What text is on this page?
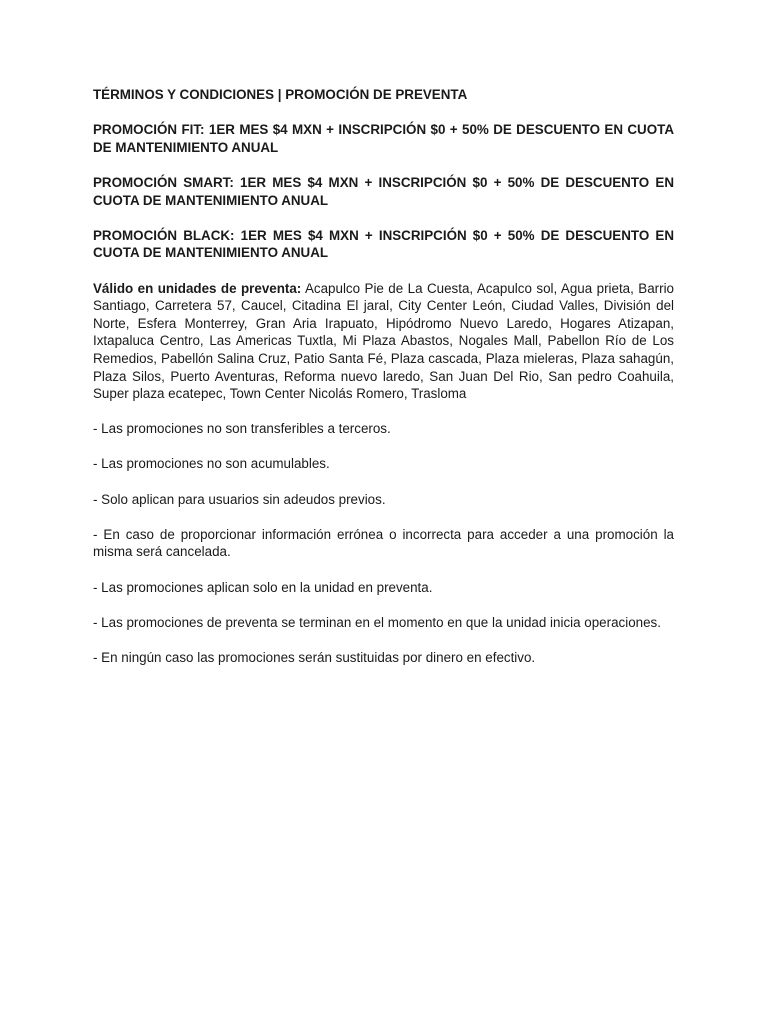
TÉRMINOS Y CONDICIONES | PROMOCIÓN DE PREVENTA

PROMOCIÓN FIT: 1ER MES $4 MXN + INSCRIPCIÓN $0 + 50% DE DESCUENTO EN CUOTA DE MANTENIMIENTO ANUAL

PROMOCIÓN SMART: 1ER MES $4 MXN + INSCRIPCIÓN $0 + 50% DE DESCUENTO EN CUOTA DE MANTENIMIENTO ANUAL

PROMOCIÓN BLACK: 1ER MES $4 MXN + INSCRIPCIÓN $0 + 50% DE DESCUENTO EN CUOTA DE MANTENIMIENTO ANUAL

Válido en unidades de preventa: Acapulco Pie de La Cuesta, Acapulco sol, Agua prieta, Barrio Santiago, Carretera 57, Caucel, Citadina El jaral, City Center León, Ciudad Valles, División del Norte, Esfera Monterrey, Gran Aria Irapuato, Hipódromo Nuevo Laredo, Hogares Atizapan, Ixtapaluca Centro, Las Americas Tuxtla, Mi Plaza Abastos, Nogales Mall, Pabellon Río de Los Remedios, Pabellón Salina Cruz, Patio Santa Fé, Plaza cascada, Plaza mieleras, Plaza sahagún, Plaza Silos, Puerto Aventuras, Reforma nuevo laredo, San Juan Del Rio, San pedro Coahuila, Super plaza ecatepec, Town Center Nicolás Romero, Trasloma

- Las promociones no son transferibles a terceros.

- Las promociones no son acumulables.

- Solo aplican para usuarios sin adeudos previos.

- En caso de proporcionar información errónea o incorrecta para acceder a una promoción la misma será cancelada.

- Las promociones aplican solo en la unidad en preventa.

- Las promociones de preventa se terminan en el momento en que la unidad inicia operaciones.

- En ningún caso las promociones serán sustituidas por dinero en efectivo.
